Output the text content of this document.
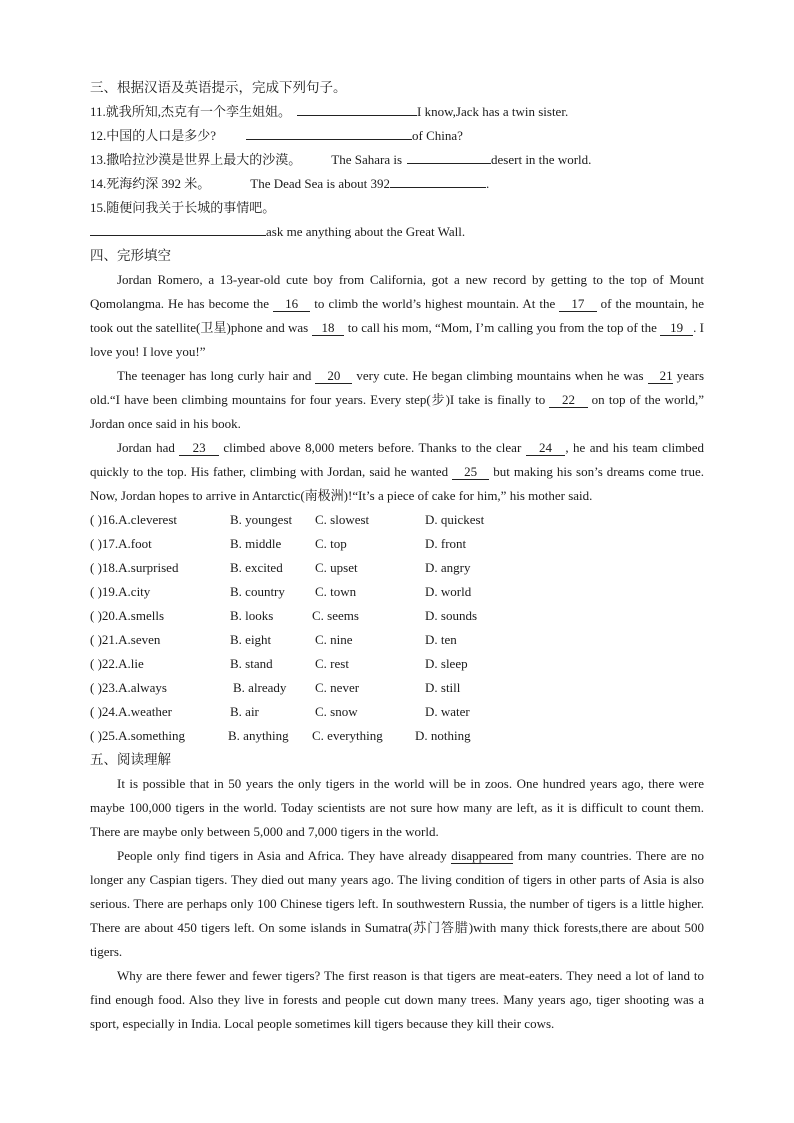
三、根据汉语及英语提示，完成下列句子。
11.就我所知,杰克有一个孪生姐姐。	I know,Jack has a twin sister.
12.中国的人口是多少?	of China?
13.撒哈拉沙漠是世界上最大的沙漠。 The Sahara is	desert in the world.
14.死海约深 392 米。	The Dead Sea is about 392	.
15.随便问我关于长城的事情吧。
ask me anything about the Great Wall.
四、完形填空

Jordan Romero, a 13-year-old cute boy from California, got a new record by getting to the top of Mount Qomolangma. He has become the    16    to climb the world’s highest mountain. At the    17    of the mountain, he took out the satellite(卫星)phone and was    18    to call his mom, “Mom, I’m calling you from the top of the    19 . I love you! I love you!”

The teenager has long curly hair and    20    very cute. He began climbing mountains when he was    21 years old.“I have been climbing mountains for four years. Every step(步)I take is finally to    22    on top of the world,” Jordan once said in his book.

Jordan had    23    climbed above 8,000 meters before. Thanks to the clear    24 , he and his team climbed quickly to the top. His father, climbing with Jordan, said he wanted    25    but making his son’s dreams come true. Now, Jordan hopes to arrive in Antarctic(南极洲)!“It’s a piece of cake for him,” his mother said.

( )16.A.cleverest	B. youngest C. slowest	D. quickest
( )17.A.foot	B. middle	C. top	D. front
( )18.A.surprised	B. excited C. upset	D. angry
( )19.A.city	B. country C. town	D. world
( )20.A.smells	B. looks	C. seems	D. sounds
( )21.A.seven	B. eight	C. nine	D. ten
( )22.A.lie	B. stand	C. rest	D. sleep
( )23.A.always	B. already C. never	D. still
( )24.A.weather	B. air	C. snow	D. water
( )25.A.something	B. anything C. everything D. nothing
五、阅读理解

It is possible that in 50 years the only tigers in the world will be in zoos. One hundred years ago, there were maybe 100,000 tigers in the world. Today scientists are not sure how many are left, as it is difficult to count them. There are maybe only between 5,000 and 7,000 tigers in the world.

People only find tigers in Asia and Africa. They have already disappeared from many countries. There are no longer any Caspian tigers. They died out many years ago. The living condition of tigers in other parts of Asia is also serious. There are perhaps only 100 Chinese tigers left. In southwestern Russia, the number of tigers is a little higher. There are about 450 tigers left. On some islands in Sumatra(苏门答腊)with many thick forests,there are about 500 tigers.

Why are there fewer and fewer tigers? The first reason is that tigers are meat-eaters. They need a lot of land to find enough food. Also they live in forests and people cut down many trees. Many years ago, tiger shooting was a sport, especially in India. Local people sometimes kill tigers because they kill their cows.
